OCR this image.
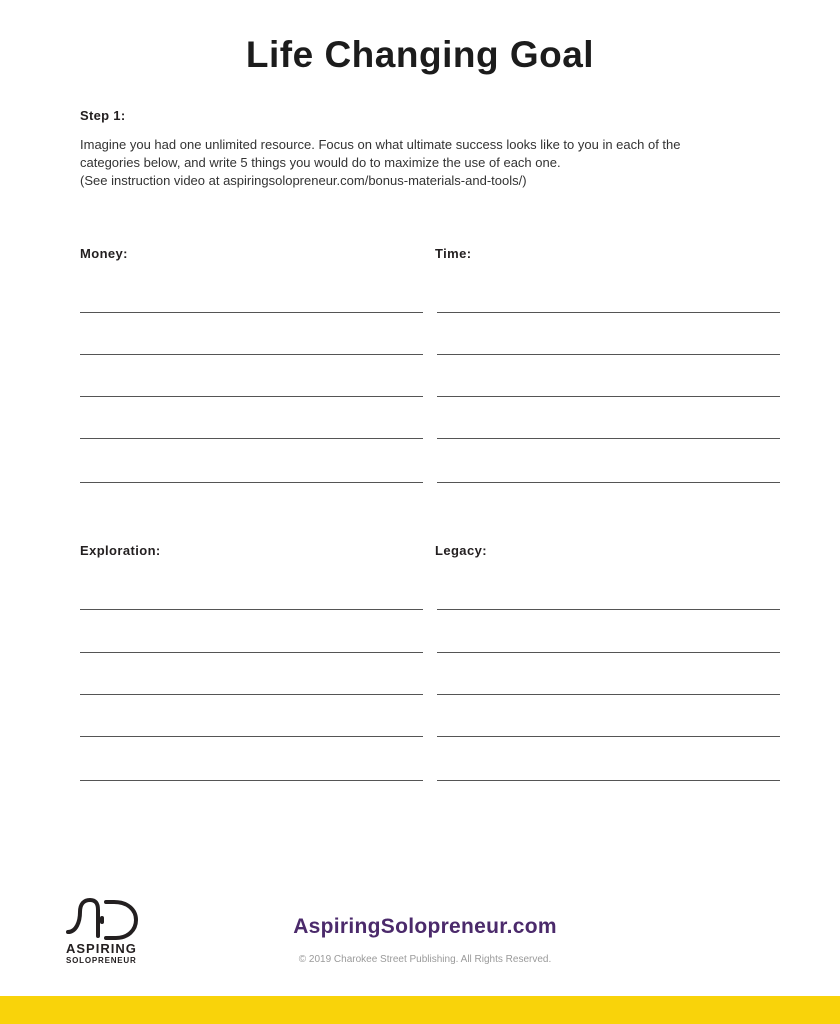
Life Changing Goal
Step 1:
Imagine you had one unlimited resource. Focus on what ultimate success looks like to you in each of the
categories below, and write 5 things you would do to maximize the use of each one.
(See instruction video at aspiringsolopreneur.com/bonus-materials-and-tools/)
Money:	Time:
Exploration:	Legacy:
ASPIRING
SOLOPRENEUR
AspiringSolopreneur.com
© 2019 Charokee Street Publishing. All Rights Reserved.
